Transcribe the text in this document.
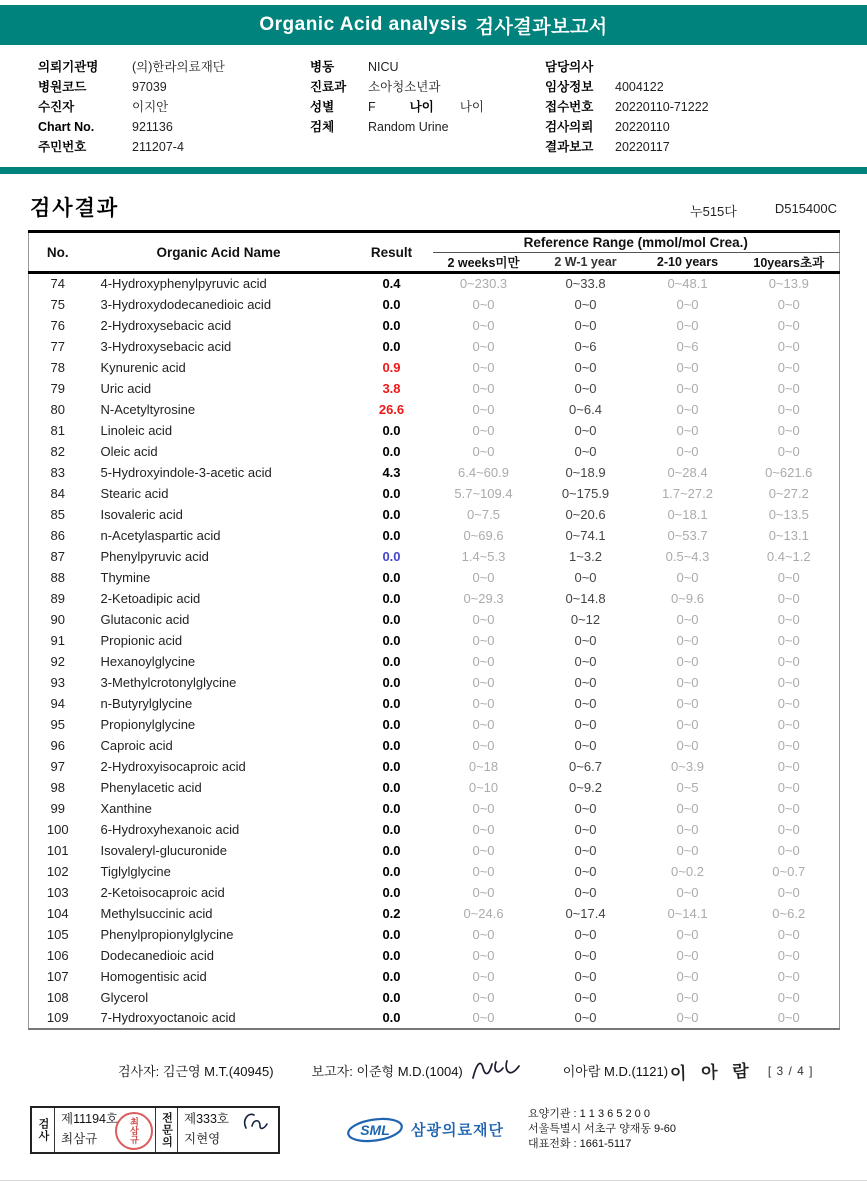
Organic Acid analysis 검사결과보고서
의뢰기관명	(의)한라의료재단
병원코드	97039
수진자	이지안
Chart No.	921136
주민번호	211207-4
병동	NICU
진료과	소아청소년과
성별	F	나이 나이
검체	Random Urine
담당의사
임상정보	4004122
접수번호	20220110-71222
검사의뢰	20220110
결과보고	20220117
검사결과	누515다	D515400C
No.	Organic Acid Name	Result	Reference Range (mmol/mol Crea.)			
			2 weeks미만	2 W-1 year	2-10 years	10years초과
74	4-Hydroxyphenylpyruvic acid	0.4	0~230.3	0~33.8	0~48.1	0~13.9
75	3-Hydroxydodecanedioic acid	0.0	0~0	0~0	0~0	0~0
76	2-Hydroxysebacic acid	0.0	0~0	0~0	0~0	0~0
77	3-Hydroxysebacic acid	0.0	0~0	0~6	0~6	0~0
78	Kynurenic acid	0.9	0~0	0~0	0~0	0~0
79	Uric acid	3.8	0~0	0~0	0~0	0~0
80	N-Acetyltyrosine	26.6	0~0	0~6.4	0~0	0~0
81	Linoleic acid	0.0	0~0	0~0	0~0	0~0
82	Oleic acid	0.0	0~0	0~0	0~0	0~0
83	5-Hydroxyindole-3-acetic acid	4.3	6.4~60.9	0~18.9	0~28.4	0~621.6
84	Stearic acid	0.0	5.7~109.4	0~175.9	1.7~27.2	0~27.2
85	Isovaleric acid	0.0	0~7.5	0~20.6	0~18.1	0~13.5
86	n-Acetylaspartic acid	0.0	0~69.6	0~74.1	0~53.7	0~13.1
87	Phenylpyruvic acid	0.0	1.4~5.3	1~3.2	0.5~4.3	0.4~1.2
88	Thymine	0.0	0~0	0~0	0~0	0~0
89	2-Ketoadipic acid	0.0	0~29.3	0~14.8	0~9.6	0~0
90	Glutaconic acid	0.0	0~0	0~12	0~0	0~0
91	Propionic acid	0.0	0~0	0~0	0~0	0~0
92	Hexanoylglycine	0.0	0~0	0~0	0~0	0~0
93	3-Methylcrotonylglycine	0.0	0~0	0~0	0~0	0~0
94	n-Butyrylglycine	0.0	0~0	0~0	0~0	0~0
95	Propionylglycine	0.0	0~0	0~0	0~0	0~0
96	Caproic acid	0.0	0~0	0~0	0~0	0~0
97	2-Hydroxyisocaproic acid	0.0	0~18	0~6.7	0~3.9	0~0
98	Phenylacetic acid	0.0	0~10	0~9.2	0~5	0~0
99	Xanthine	0.0	0~0	0~0	0~0	0~0
100	6-Hydroxyhexanoic acid	0.0	0~0	0~0	0~0	0~0
101	Isovaleryl-glucuronide	0.0	0~0	0~0	0~0	0~0
102	Tiglylglycine	0.0	0~0	0~0	0~0.2	0~0.7
103	2-Ketoisocaproic acid	0.0	0~0	0~0	0~0	0~0
104	Methylsuccinic acid	0.2	0~24.6	0~17.4	0~14.1	0~6.2
105	Phenylpropionylglycine	0.0	0~0	0~0	0~0	0~0
106	Dodecanedioic acid	0.0	0~0	0~0	0~0	0~0
107	Homogentisic acid	0.0	0~0	0~0	0~0	0~0
108	Glycerol	0.0	0~0	0~0	0~0	0~0
109	7-Hydroxyoctanoic acid	0.0	0~0	0~0	0~0	0~0
검사자: 김근영 M.T.(40945)	보고자: 이준형 M.D.(1004)	이아람 M.D.(1121) 이 아 람 [ 3 / 4 ]
검사 제11194호
최삼규	최삼규 전문의 제333호
지현영
SML 삼광의료재단
요양기관 : 1 1 3 6 5 2 0 0
서울특별시 서초구 양재동 9-60
대표전화 : 1661-5117
